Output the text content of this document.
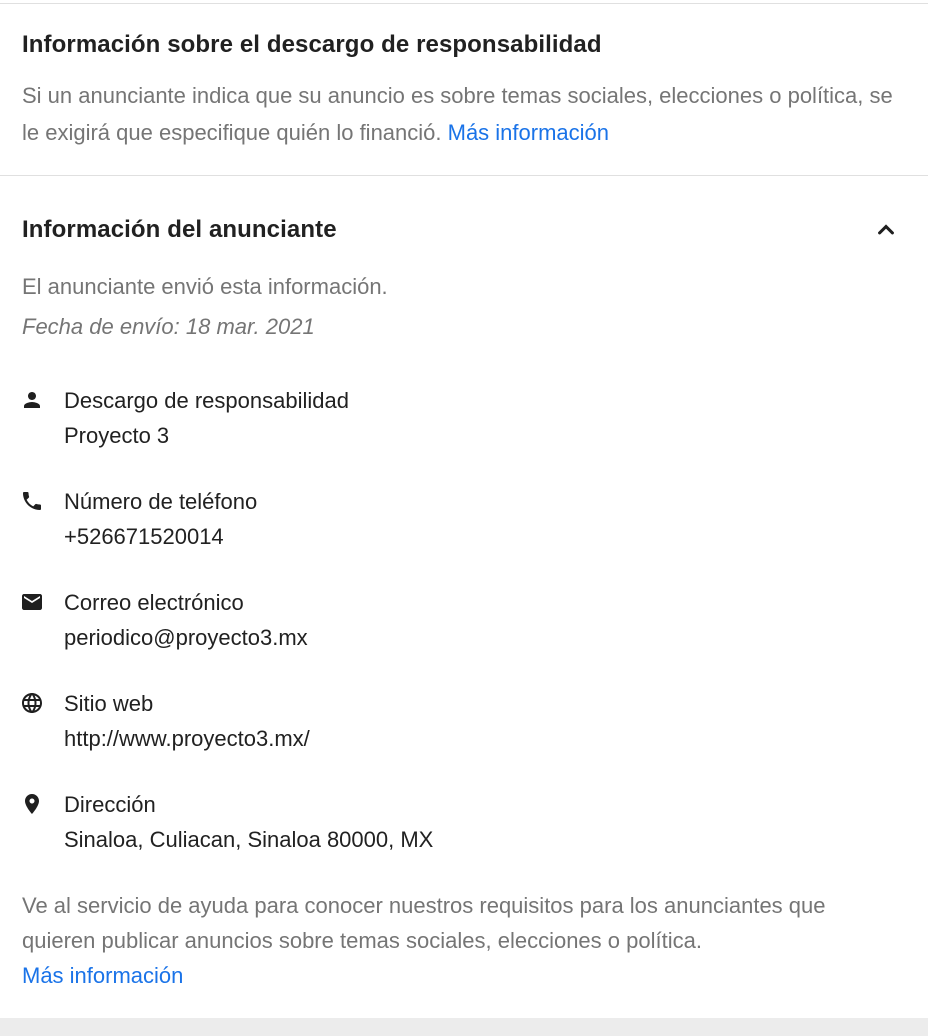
Información sobre el descargo de responsabilidad

Si un anunciante indica que su anuncio es sobre temas sociales, elecciones o política, se le exigirá que especifique quién lo financió. Más información

Información del anunciante

El anunciante envió esta información.

Fecha de envío: 18 mar. 2021

Descargo de responsabilidad
Proyecto 3
Número de teléfono
+526671520014
Correo electrónico
periodico@proyecto3.mx
Sitio web
http://www.proyecto3.mx/
Dirección
Sinaloa, Culiacan, Sinaloa 80000, MX

Ve al servicio de ayuda para conocer nuestros requisitos para los anunciantes que quieren publicar anuncios sobre temas sociales, elecciones o política.
Más información
